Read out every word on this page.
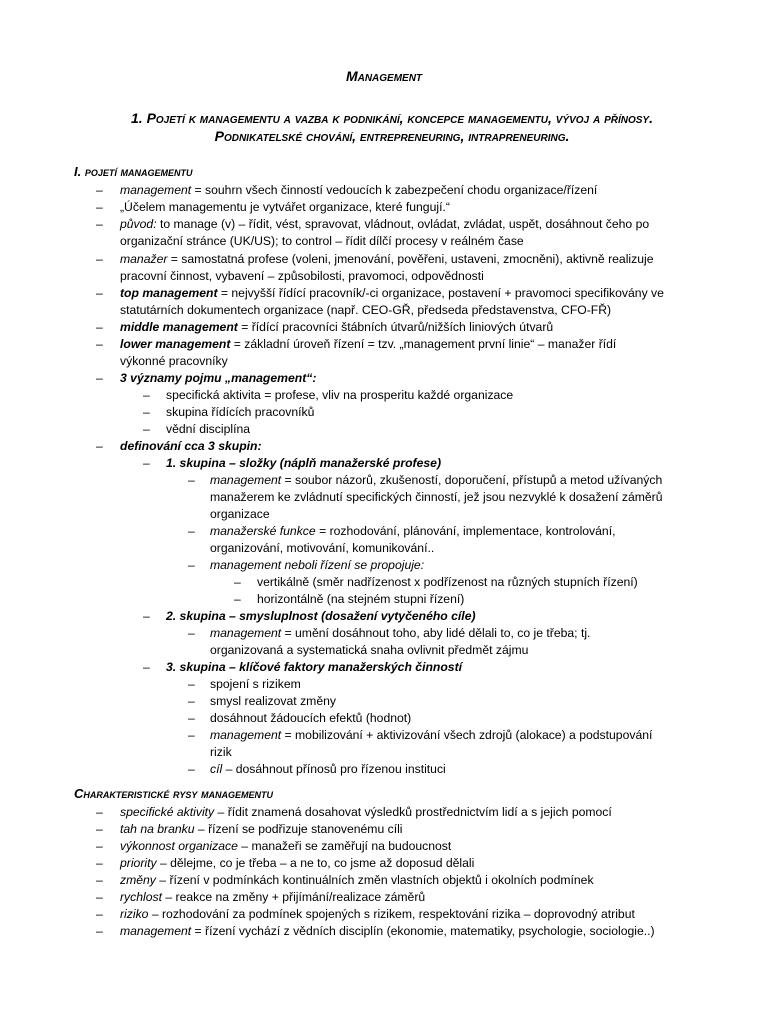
Management
1. Pojetí k managementu a vazba k podnikání, koncepce managementu, vývoj a přínosy.
Podnikatelské chování, entrepreneuring, intrapreneuring.
I. pojetí managementu
– management = souhrn všech činností vedoucích k zabezpečení chodu organizace/řízení
– „Účelem managementu je vytvářet organizace, které fungují.“
– původ: to manage (v) – řídit, vést, spravovat, vládnout, ovládat, zvládat, uspět, dosáhnout čeho po
organizační stránce (UK/US); to control – řídit dílčí procesy v reálném čase
– manažer = samostatná profese (voleni, jmenování, pověřeni, ustaveni, zmocněni), aktivně realizuje
pracovní činnost, vybavení – způsobilosti, pravomoci, odpovědnosti
– top management = nejvyšší řídící pracovník/-ci organizace, postavení + pravomoci specifikovány ve
statutárních dokumentech organizace (např. CEO-GŘ, předseda představenstva, CFO-FŘ)
– middle management = řídící pracovníci štábních útvarů/nižších liniových útvarů
– lower management = základní úroveň řízení = tzv. „management první linie“ – manažer řídí
výkonné pracovníky
– 3 významy pojmu „management“:
– specifická aktivita = profese, vliv na prosperitu každé organizace
– skupina řídících pracovníků
– vědní disciplína
– definování cca 3 skupin:
– 1. skupina – složky (náplň manažerské profese)
– management = soubor názorů, zkušeností, doporučení, přístupů a metod užívaných
manažerem ke zvládnutí specifických činností, jež jsou nezvyklé k dosažení záměrů
organizace
– manažerské funkce = rozhodování, plánování, implementace, kontrolování,
organizování, motivování, komunikování..
– management neboli řízení se propojuje:
– vertikálně (směr nadřízenost x podřízenost na různých stupních řízení)
– horizontálně (na stejném stupni řízení)
– 2. skupina – smysluplnost (dosažení vytyčeného cíle)
– management = umění dosáhnout toho, aby lidé dělali to, co je třeba; tj.
organizovaná a systematická snaha ovlivnit předmět zájmu
– 3. skupina – klíčové faktory manažerských činností
– spojení s rizikem
– smysl realizovat změny
– dosáhnout žádoucích efektů (hodnot)
– management = mobilizování + aktivizování všech zdrojů (alokace) a podstupování
rizik
– cíl – dosáhnout přínosů pro řízenou instituci
Charakteristické rysy managementu
– specifické aktivity – řídit znamená dosahovat výsledků prostřednictvím lidí a s jejich pomocí
– tah na branku – řízení se podřizuje stanovenému cíli
– výkonnost organizace – manažeři se zaměřují na budoucnost
– priority – dělejme, co je třeba – a ne to, co jsme až doposud dělali
– změny – řízení v podmínkách kontinuálních změn vlastních objektů i okolních podmínek
– rychlost – reakce na změny + přijímání/realizace záměrů
– riziko – rozhodování za podmínek spojených s rizikem, respektování rizika – doprovodný atribut
– management = řízení vychází z vědních disciplín (ekonomie, matematiky, psychologie, sociologie..)
